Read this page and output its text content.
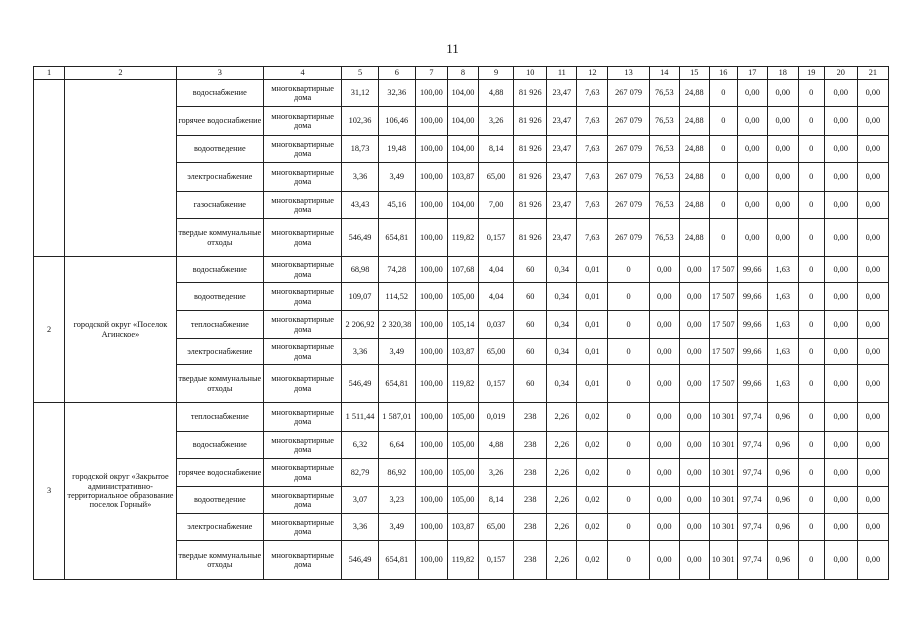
11
1	2	3	4	5	6	7	8	9	10	11	12	13	14	15	16	17	18	19	20	21
		водоснабжение	многоквартирные дома	31,12	32,36	100,00	104,00	4,88	81 926	23,47	7,63	267 079	76,53	24,88	0	0,00	0,00	0	0,00	0,00
		горячее водоснабжение	многоквартирные дома	102,36	106,46	100,00	104,00	3,26	81 926	23,47	7,63	267 079	76,53	24,88	0	0,00	0,00	0	0,00	0,00
		водоотведение	многоквартирные дома	18,73	19,48	100,00	104,00	8,14	81 926	23,47	7,63	267 079	76,53	24,88	0	0,00	0,00	0	0,00	0,00
		электроснабжение	многоквартирные дома	3,36	3,49	100,00	103,87	65,00	81 926	23,47	7,63	267 079	76,53	24,88	0	0,00	0,00	0	0,00	0,00
		газоснабжение	многоквартирные дома	43,43	45,16	100,00	104,00	7,00	81 926	23,47	7,63	267 079	76,53	24,88	0	0,00	0,00	0	0,00	0,00
		твердые коммунальные отходы	многоквартирные дома	546,49	654,81	100,00	119,82	0,157	81 926	23,47	7,63	267 079	76,53	24,88	0	0,00	0,00	0	0,00	0,00
2	городской округ «Поселок Агинское»	водоснабжение	многоквартирные дома	68,98	74,28	100,00	107,68	4,04	60	0,34	0,01	0	0,00	0,00	17 507	99,66	1,63	0	0,00	0,00
		водоотведение	многоквартирные дома	109,07	114,52	100,00	105,00	4,04	60	0,34	0,01	0	0,00	0,00	17 507	99,66	1,63	0	0,00	0,00
		теплоснабжение	многоквартирные дома	2 206,92	2 320,38	100,00	105,14	0,037	60	0,34	0,01	0	0,00	0,00	17 507	99,66	1,63	0	0,00	0,00
		электроснабжение	многоквартирные дома	3,36	3,49	100,00	103,87	65,00	60	0,34	0,01	0	0,00	0,00	17 507	99,66	1,63	0	0,00	0,00
		твердые коммунальные отходы	многоквартирные дома	546,49	654,81	100,00	119,82	0,157	60	0,34	0,01	0	0,00	0,00	17 507	99,66	1,63	0	0,00	0,00
3	городской округ «Закрытое административно-территориальное образование поселок Горный»	теплоснабжение	многоквартирные дома	1 511,44	1 587,01	100,00	105,00	0,019	238	2,26	0,02	0	0,00	0,00	10 301	97,74	0,96	0	0,00	0,00
		водоснабжение	многоквартирные дома	6,32	6,64	100,00	105,00	4,88	238	2,26	0,02	0	0,00	0,00	10 301	97,74	0,96	0	0,00	0,00
		горячее водоснабжение	многоквартирные дома	82,79	86,92	100,00	105,00	3,26	238	2,26	0,02	0	0,00	0,00	10 301	97,74	0,96	0	0,00	0,00
		водоотведение	многоквартирные дома	3,07	3,23	100,00	105,00	8,14	238	2,26	0,02	0	0,00	0,00	10 301	97,74	0,96	0	0,00	0,00
		электроснабжение	многоквартирные дома	3,36	3,49	100,00	103,87	65,00	238	2,26	0,02	0	0,00	0,00	10 301	97,74	0,96	0	0,00	0,00
		твердые коммунальные отходы	многоквартирные дома	546,49	654,81	100,00	119,82	0,157	238	2,26	0,02	0	0,00	0,00	10 301	97,74	0,96	0	0,00	0,00
